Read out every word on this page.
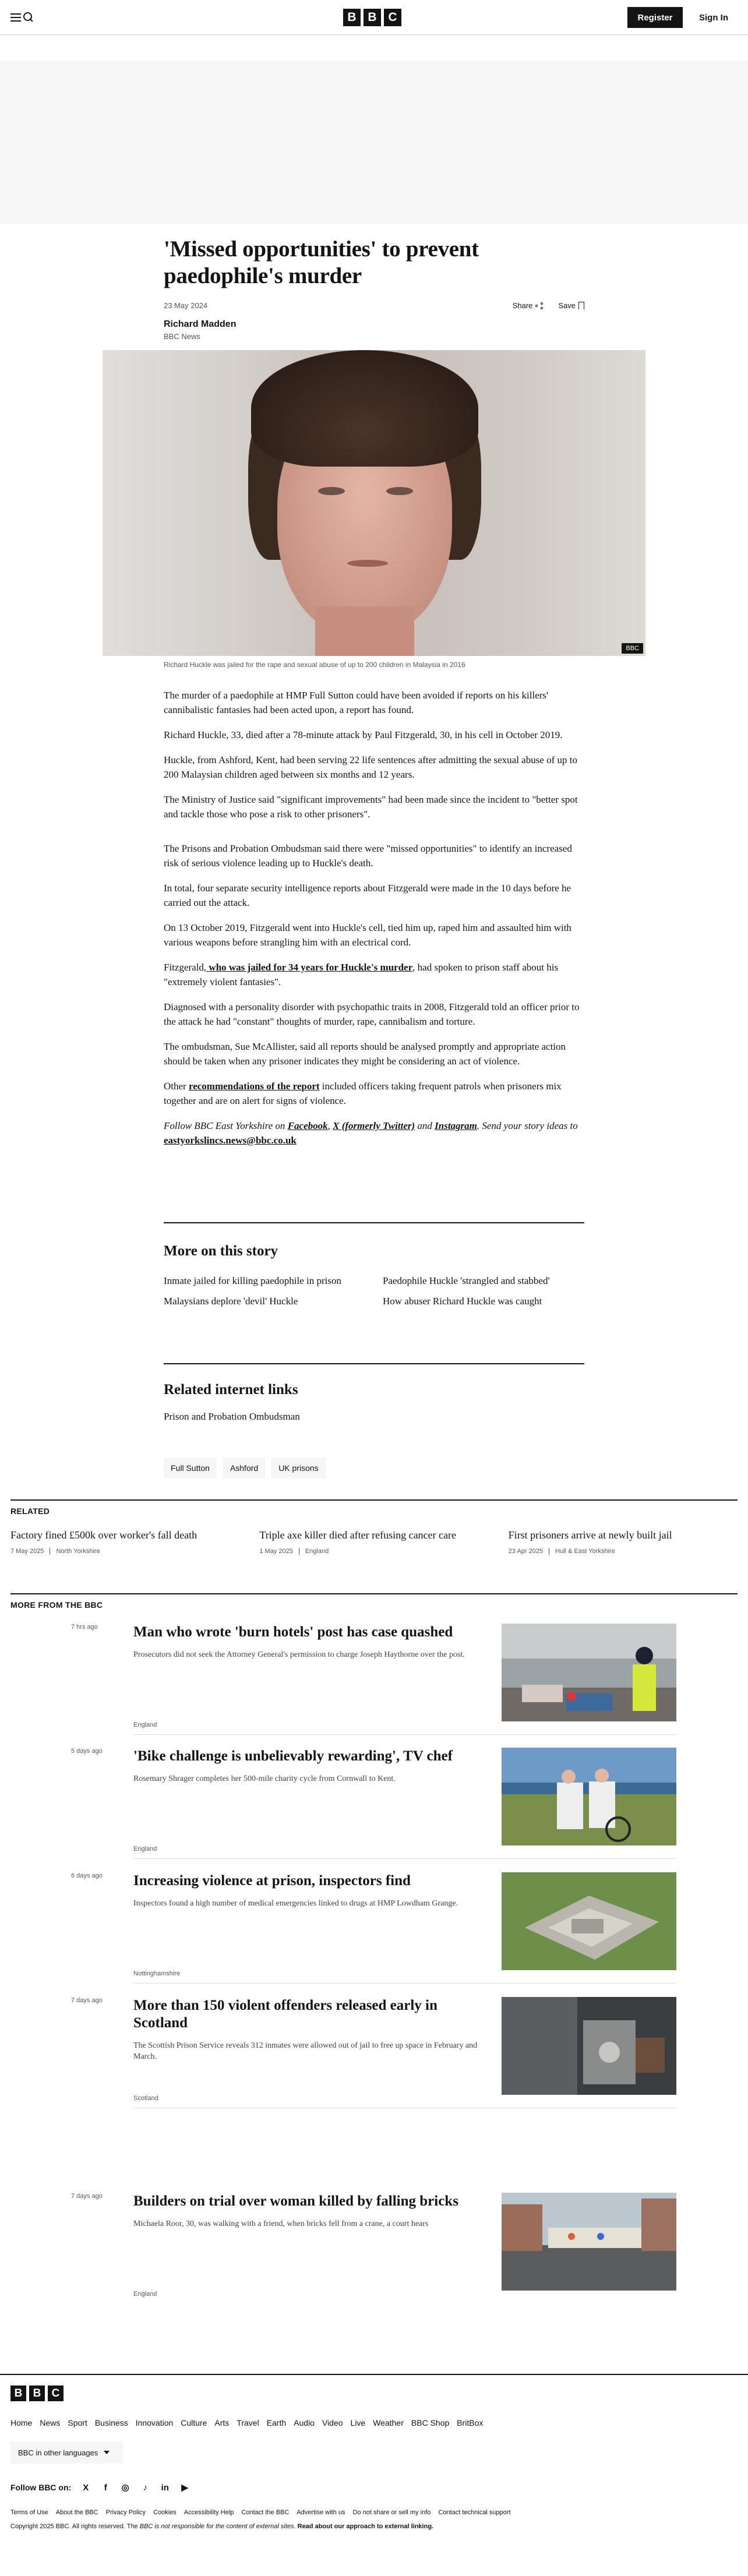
B B C	Register	Sign In
'Missed opportunities' to prevent paedophile's murder
23 May 2024	Share	Save
Richard Madden
BBC News
BBC
Richard Huckle was jailed for the rape and sexual abuse of up to 200 children in Malaysia in 2016

The murder of a paedophile at HMP Full Sutton could have been avoided if reports on his killers' cannibalistic fantasies had been acted upon, a report has found.

Richard Huckle, 33, died after a 78-minute attack by Paul Fitzgerald, 30, in his cell in October 2019.

Huckle, from Ashford, Kent, had been serving 22 life sentences after admitting the sexual abuse of up to 200 Malaysian children aged between six months and 12 years.

The Ministry of Justice said "significant improvements" had been made since the incident to "better spot and tackle those who pose a risk to other prisoners".

The Prisons and Probation Ombudsman said there were "missed opportunities" to identify an increased risk of serious violence leading up to Huckle's death.

In total, four separate security intelligence reports about Fitzgerald were made in the 10 days before he carried out the attack.

On 13 October 2019, Fitzgerald went into Huckle's cell, tied him up, raped him and assaulted him with various weapons before strangling him with an electrical cord.

Fitzgerald, who was jailed for 34 years for Huckle's murder, had spoken to prison staff about his "extremely violent fantasies".

Diagnosed with a personality disorder with psychopathic traits in 2008, Fitzgerald told an officer prior to the attack he had "constant" thoughts of murder, rape, cannibalism and torture.

The ombudsman, Sue McAllister, said all reports should be analysed promptly and appropriate action should be taken when any prisoner indicates they might be considering an act of violence.

Other recommendations of the report included officers taking frequent patrols when prisoners mix together and are on alert for signs of violence.

Follow BBC East Yorkshire on Facebook, X (formerly Twitter) and Instagram. Send your story ideas to eastyorkslincs.news@bbc.co.uk

More on this story
Inmate jailed for killing paedophile in prison	Paedophile Huckle 'strangled and stabbed'
Malaysians deplore 'devil' Huckle	How abuser Richard Huckle was caught
Related internet links
Prison and Probation Ombudsman
Full Sutton	Ashford	UK prisons
RELATED
Factory fined £500k over worker's fall death
7 May 2025	North Yorkshire
Triple axe killer died after refusing cancer care
1 May 2025	England
First prisoners arrive at newly built jail
23 Apr 2025	Hull & East Yorkshire
MORE FROM THE BBC
7 hrs ago Man who wrote 'burn hotels' post has case quashed
Prosecutors did not seek the Attorney General's permission to charge Joseph Haythorne over the post.
England
5 days ago 'Bike challenge is unbelievably rewarding', TV chef
Rosemary Shrager completes her 500-mile charity cycle from Cornwall to Kent.
England
6 days ago Increasing violence at prison, inspectors find
Inspectors found a high number of medical emergencies linked to drugs at HMP Lowdham Grange.
Nottinghamshire
7 days ago More than 150 violent offenders released early in Scotland
The Scottish Prison Service reveals 312 inmates were allowed out of jail to free up space in February and March.
Scotland
7 days ago Builders on trial over woman killed by falling bricks
Michaela Roor, 30, was walking with a friend, when bricks fell from a crane, a court hears
England
B B C
Home News Sport Business Innovation Culture Arts Travel Earth Audio Video Live Weather BBC Shop BritBox
BBC in other languages
Follow BBC on: X	f	◎	♪	in ▶
Terms of Use About the BBC Privacy Policy Cookies Accessibility Help Contact the BBC Advertise with us Do not share or sell my info Contact technical support
Copyright 2025 BBC. All rights reserved. The BBC is not responsible for the content of external sites. Read about our approach to external linking.
